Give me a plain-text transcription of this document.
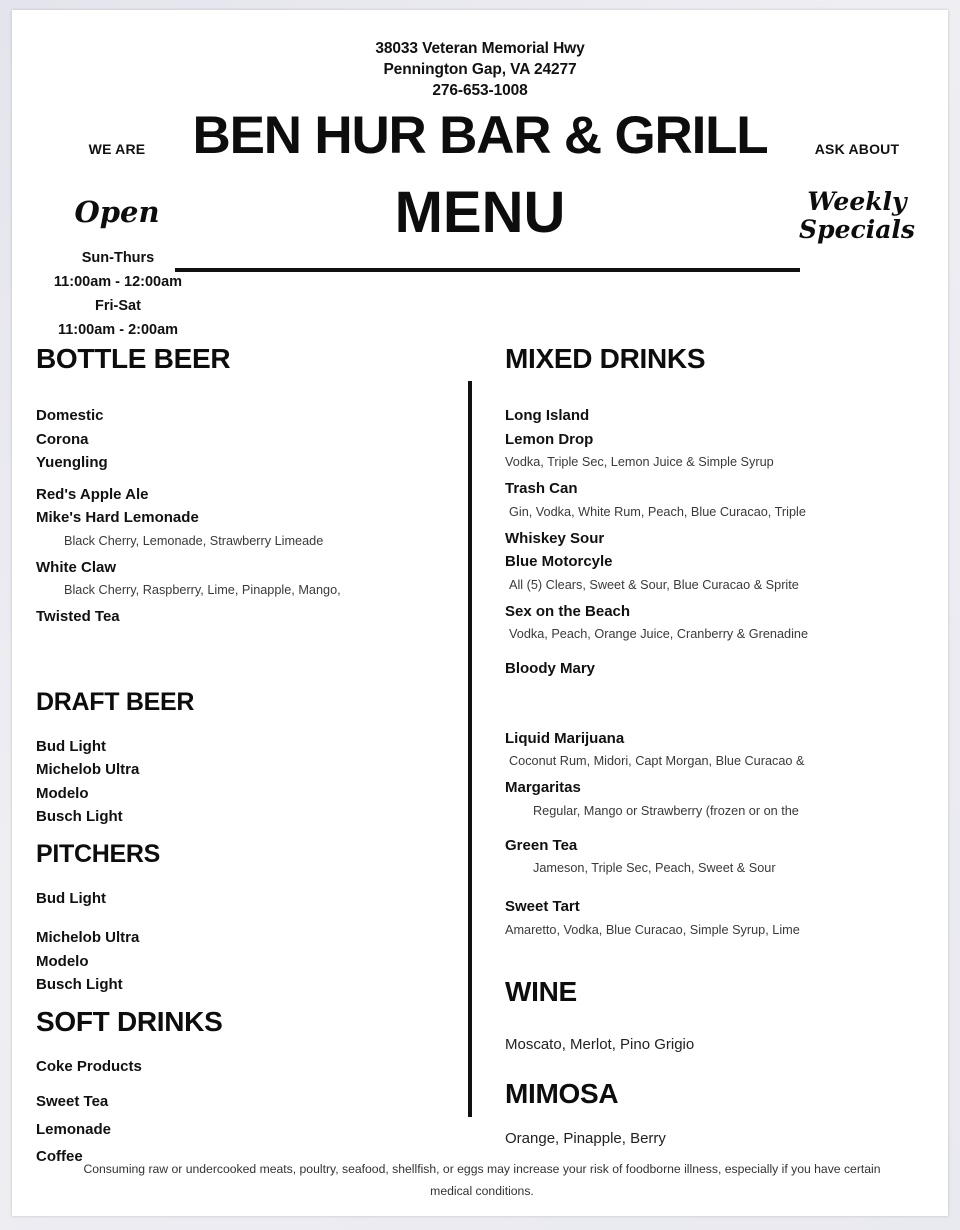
38033 Veteran Memorial Hwy
Pennington Gap, VA 24277
276-653-1008
BEN HUR BAR & GRILL
MENU
WE ARE
Open
Sun-Thurs
11:00am - 12:00am
Fri-Sat
11:00am - 2:00am
ASK ABOUT
Weekly
Specials
BOTTLE BEER
Domestic
Corona
Yuengling
Red's Apple Ale
Mike's Hard Lemonade
Black Cherry, Lemonade, Strawberry Limeade
White Claw
Black Cherry, Raspberry, Lime, Pinapple, Mango,
Twisted Tea
DRAFT BEER
Bud Light
Michelob Ultra
Modelo
Busch Light
PITCHERS
Bud Light
Michelob Ultra
Modelo
Busch Light
SOFT DRINKS
Coke Products
Sweet Tea
Lemonade
Coffee
MIXED DRINKS
Long Island
Lemon Drop
Vodka, Triple Sec, Lemon Juice & Simple Syrup
Trash Can
Gin, Vodka, White Rum, Peach, Blue Curacao, Triple
Whiskey Sour
Blue Motorcyle
All (5) Clears, Sweet & Sour, Blue Curacao & Sprite
Sex on the Beach
Vodka, Peach, Orange Juice, Cranberry & Grenadine
Bloody Mary
Liquid Marijuana
Coconut Rum, Midori, Capt Morgan, Blue Curacao &
Margaritas
Regular, Mango or Strawberry (frozen or on the
Green Tea
Jameson, Triple Sec, Peach, Sweet & Sour
Sweet Tart
Amaretto, Vodka, Blue Curacao, Simple Syrup, Lime
WINE
Moscato, Merlot, Pino Grigio
MIMOSA
Orange, Pinapple, Berry
Consuming raw or undercooked meats, poultry, seafood, shellfish, or eggs may increase your risk of foodborne illness, especially if you have certain medical conditions.
